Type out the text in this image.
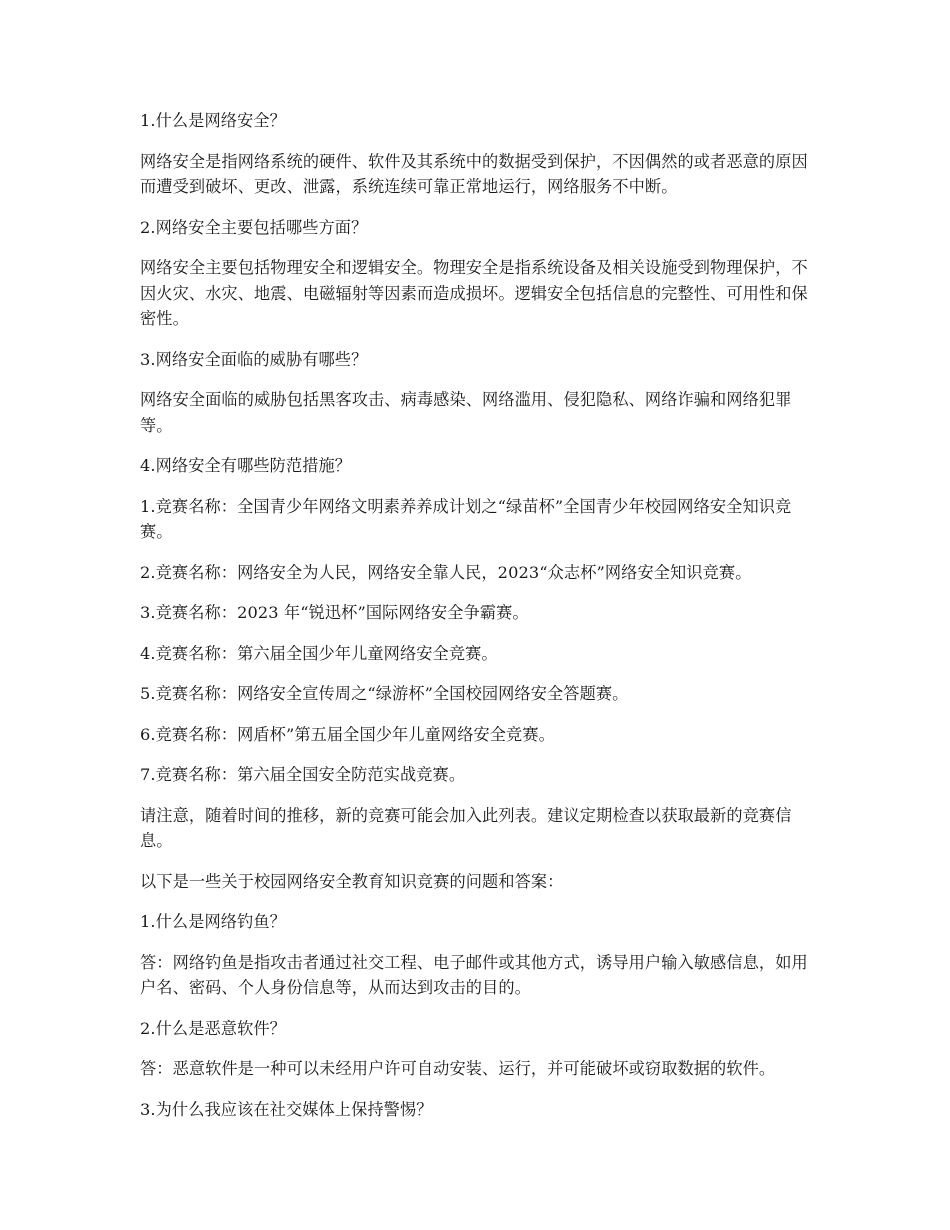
1.什么是网络安全？

网络安全是指网络系统的硬件、软件及其系统中的数据受到保护，不因偶然的或者恶意的原因而遭受到破坏、更改、泄露，系统连续可靠正常地运行，网络服务不中断。

2.网络安全主要包括哪些方面？

网络安全主要包括物理安全和逻辑安全。物理安全是指系统设备及相关设施受到物理保护，不因火灾、水灾、地震、电磁辐射等因素而造成损坏。逻辑安全包括信息的完整性、可用性和保密性。

3.网络安全面临的威胁有哪些？

网络安全面临的威胁包括黑客攻击、病毒感染、网络滥用、侵犯隐私、网络诈骗和网络犯罪等。

4.网络安全有哪些防范措施？

1.竞赛名称：全国青少年网络文明素养养成计划之“绿苗杯”全国青少年校园网络安全知识竞赛。

2.竞赛名称：网络安全为人民，网络安全靠人民，2023“众志杯”网络安全知识竞赛。

3.竞赛名称：2023 年“锐迅杯”国际网络安全争霸赛。

4.竞赛名称：第六届全国少年儿童网络安全竞赛。

5.竞赛名称：网络安全宣传周之“绿游杯”全国校园网络安全答题赛。

6.竞赛名称：网盾杯”第五届全国少年儿童网络安全竞赛。

7.竞赛名称：第六届全国安全防范实战竞赛。

请注意，随着时间的推移，新的竞赛可能会加入此列表。建议定期检查以获取最新的竞赛信息。

以下是一些关于校园网络安全教育知识竞赛的问题和答案：

1.什么是网络钓鱼？

答：网络钓鱼是指攻击者通过社交工程、电子邮件或其他方式，诱导用户输入敏感信息，如用户名、密码、个人身份信息等，从而达到攻击的目的。

2.什么是恶意软件？

答：恶意软件是一种可以未经用户许可自动安装、运行，并可能破坏或窃取数据的软件。

3.为什么我应该在社交媒体上保持警惕？
